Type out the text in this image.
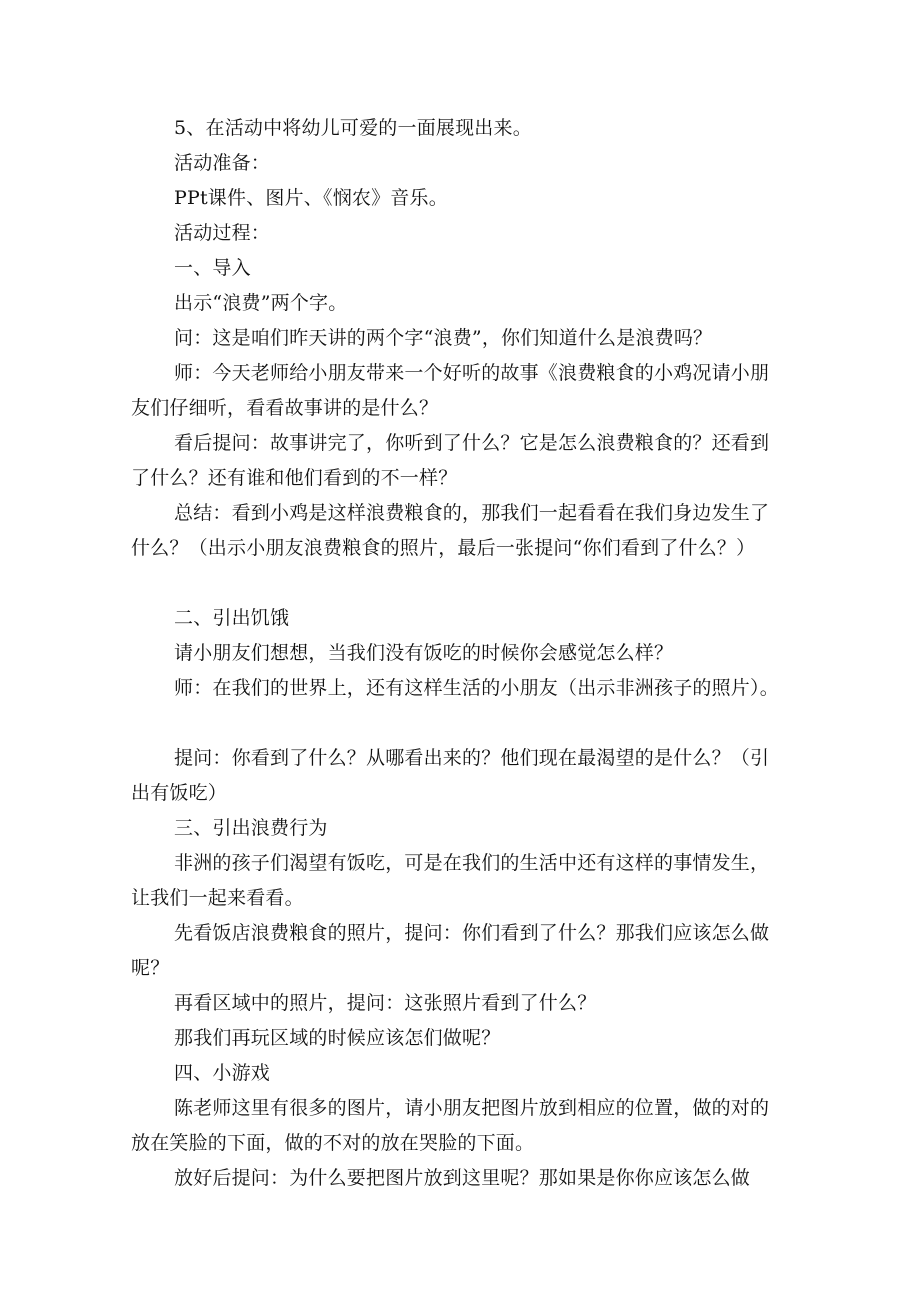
5、在活动中将幼儿可爱的一面展现出来。

活动准备：

PPt课件、图片、《悯农》音乐。

活动过程：

一、导入

出示“浪费”两个字。

问：这是咱们昨天讲的两个字“浪费”，你们知道什么是浪费吗？

师：今天老师给小朋友带来一个好听的故事《浪费粮食的小鸡况请小朋友们仔细听，看看故事讲的是什么？

看后提问：故事讲完了，你听到了什么？它是怎么浪费粮食的？还看到了什么？还有谁和他们看到的不一样？

总结：看到小鸡是这样浪费粮食的，那我们一起看看在我们身边发生了什么？（出示小朋友浪费粮食的照片，最后一张提问“你们看到了什么？）

二、引出饥饿

请小朋友们想想，当我们没有饭吃的时候你会感觉怎么样？

师：在我们的世界上，还有这样生活的小朋友（出示非洲孩子的照片）。

提问：你看到了什么？从哪看出来的？他们现在最渴望的是什么？（引出有饭吃）

三、引出浪费行为

非洲的孩子们渴望有饭吃，可是在我们的生活中还有这样的事情发生，让我们一起来看看。

先看饭店浪费粮食的照片，提问：你们看到了什么？那我们应该怎么做呢？

再看区域中的照片，提问：这张照片看到了什么？

那我们再玩区域的时候应该怎们做呢？

四、小游戏

陈老师这里有很多的图片，请小朋友把图片放到相应的位置，做的对的放在笑脸的下面，做的不对的放在哭脸的下面。

放好后提问：为什么要把图片放到这里呢？那如果是你你应该怎么做
